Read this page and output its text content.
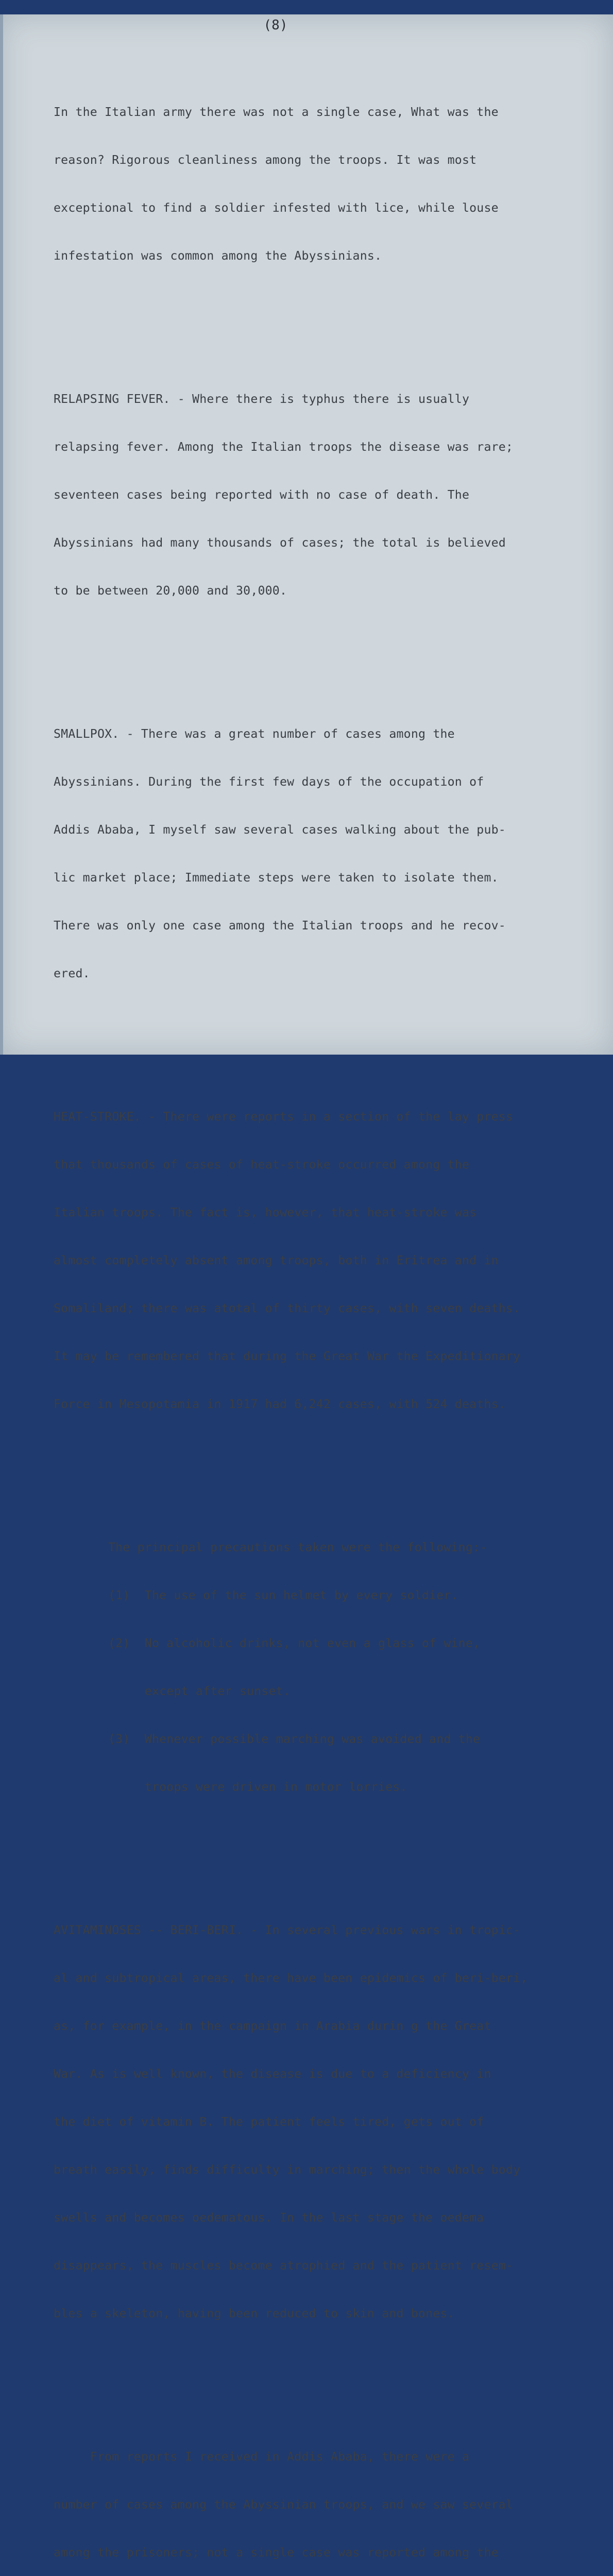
(8)

In the Italian army there was not a single case, What was the

reason? Rigorous cleanliness among the troops. It was most

exceptional to find a soldier infested with lice, while louse

infestation was common among the Abyssinians.

RELAPSING FEVER. - Where there is typhus there is usually

relapsing fever. Among the Italian troops the disease was rare;

seventeen cases being reported with no case of death. The

Abyssinians had many thousands of cases; the total is believed

to be between 20,000 and 30,000.

SMALLPOX. - There was a great number of cases among the

Abyssinians. During the first few days of the occupation of

Addis Ababa, I myself saw several cases walking about the pub-

lic market place; Immediate steps were taken to isolate them.

There was only one case among the Italian troops and he recov-

ered.

HEAT-STROKE. - There were reports in a section of the lay press

that thousands of cases of heat-stroke occurred among the

Italian troops. The fact is, however, that heat-stroke was

almost completely absent among troops, both in Eritrea and in

Somaliland; there was atotal of thirty cases, with seven deaths.

It may be remembered that during the Great War the Expeditionary

Force in Mesopotamia in 1917 had 6,242 cases, with 524 deaths.

The principal precautions taken were the following:-

(1)  The use of the sun helmet by every soldier.

(2)  No alcoholic drinks, not even a glass of wine,

except after sunset.

(3)  Whenever possible marching was avoided and the

troops were driven in motor lorries.

AVITAMINOSES -- BERI-BERI. - In several previous wars in tropic-

al and subtropical areas, there have been epidemics of beri-beri,

as, for example, in the campaign in Arabia durin g the Great

War. As is well known, the disease is due to a deficiency in

the diet of vitamin B. The patient feels tired, gets out of

breath easily, finds difficulty in marching; then the whole body

swells and becomes oedematous. In the last stage the oedema

disappears, the muscles become atrophied and the patient resem-

bles a skeleton, having been reduced to skin and bones.

From reports I received in Addis Ababa, there were a

number of cases among the Abyssinian troops, and we saw several

among the prisoners; not a single case was reported among the
